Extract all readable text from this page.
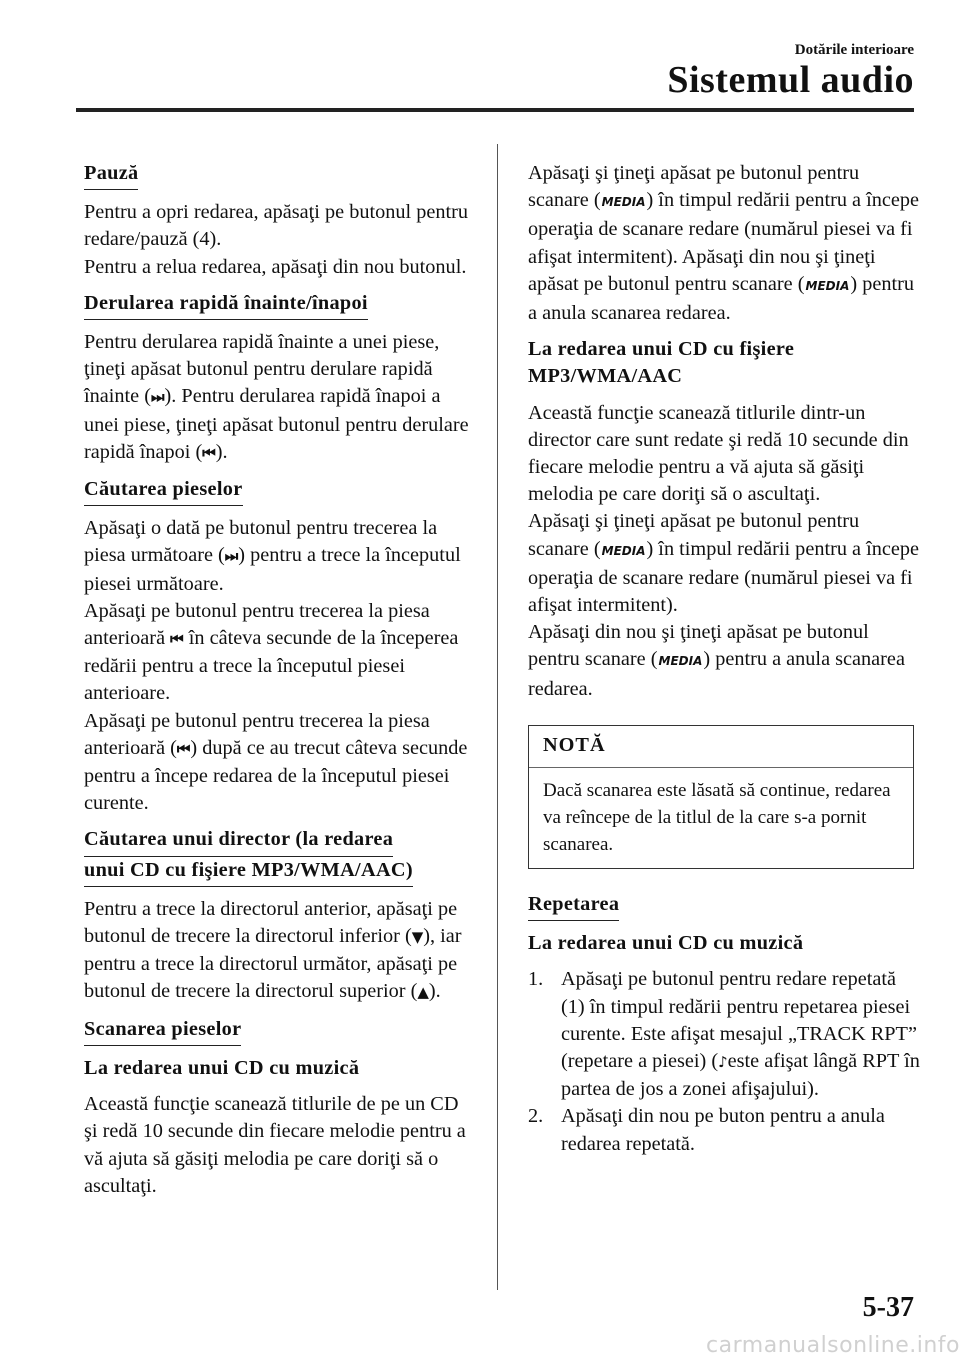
Dotările interioare
Sistemul audio
Pauză

Pentru a opri redarea, apăsaţi pe butonul pentru redare/pauză (4).

Pentru a relua redarea, apăsaţi din nou butonul.

Derularea rapidă înainte/înapoi

Pentru derularea rapidă înainte a unei piese, ţineţi apăsat butonul pentru derulare rapidă înainte (⏭). Pentru derularea rapidă înapoi a unei piese, ţineţi apăsat butonul pentru derulare rapidă înapoi (⏮).

Căutarea pieselor

Apăsaţi o dată pe butonul pentru trecerea la piesa următoare (⏭) pentru a trece la începutul piesei următoare.

Apăsaţi pe butonul pentru trecerea la piesa anterioară ⏮ în câteva secunde de la începerea redării pentru a trece la începutul piesei anterioare.

Apăsaţi pe butonul pentru trecerea la piesa anterioară (⏮) după ce au trecut câteva secunde pentru a începe redarea de la începutul piesei curente.

Căutarea unui director (la redarea
unui CD cu fişiere MP3/WMA/AAC)

Pentru a trece la directorul anterior, apăsaţi pe butonul de trecere la directorul inferior (▼), iar pentru a trece la directorul următor, apăsaţi pe butonul de trecere la directorul superior (▲).

Scanarea pieselor
La redarea unui CD cu muzică

Această funcţie scanează titlurile de pe un CD şi redă 10 secunde din fiecare melodie pentru a vă ajuta să găsiţi melodia pe care doriţi să o ascultaţi.

Apăsaţi şi ţineţi apăsat pe butonul pentru scanare (MEDIA) în timpul redării pentru a începe operaţia de scanare redare (numărul piesei va fi afişat intermitent). Apăsaţi din nou şi ţineţi apăsat pe butonul pentru scanare (MEDIA) pentru a anula scanarea redarea.

La redarea unui CD cu fişiere
MP3/WMA/AAC

Această funcţie scanează titlurile dintr-un director care sunt redate şi redă 10 secunde din fiecare melodie pentru a vă ajuta să găsiţi melodia pe care doriţi să o ascultaţi.

Apăsaţi şi ţineţi apăsat pe butonul pentru scanare (MEDIA) în timpul redării pentru a începe operaţia de scanare redare (numărul piesei va fi afişat intermitent).

Apăsaţi din nou şi ţineţi apăsat pe butonul pentru scanare (MEDIA) pentru a anula scanarea redarea.

NOTĂ
Dacă scanarea este lăsată să continue, redarea va reîncepe de la titlul de la care s-a pornit scanarea.
Repetarea
La redarea unui CD cu muzică
1. Apăsaţi pe butonul pentru redare repetată (1) în timpul redării pentru repetarea piesei curente. Este afişat mesajul „TRACK RPT” (repetare a piesei) (♪este afişat lângă RPT în partea de jos a zonei afişajului).
2. Apăsaţi din nou pe buton pentru a anula redarea repetată.
5-37
carmanualsonline.info
